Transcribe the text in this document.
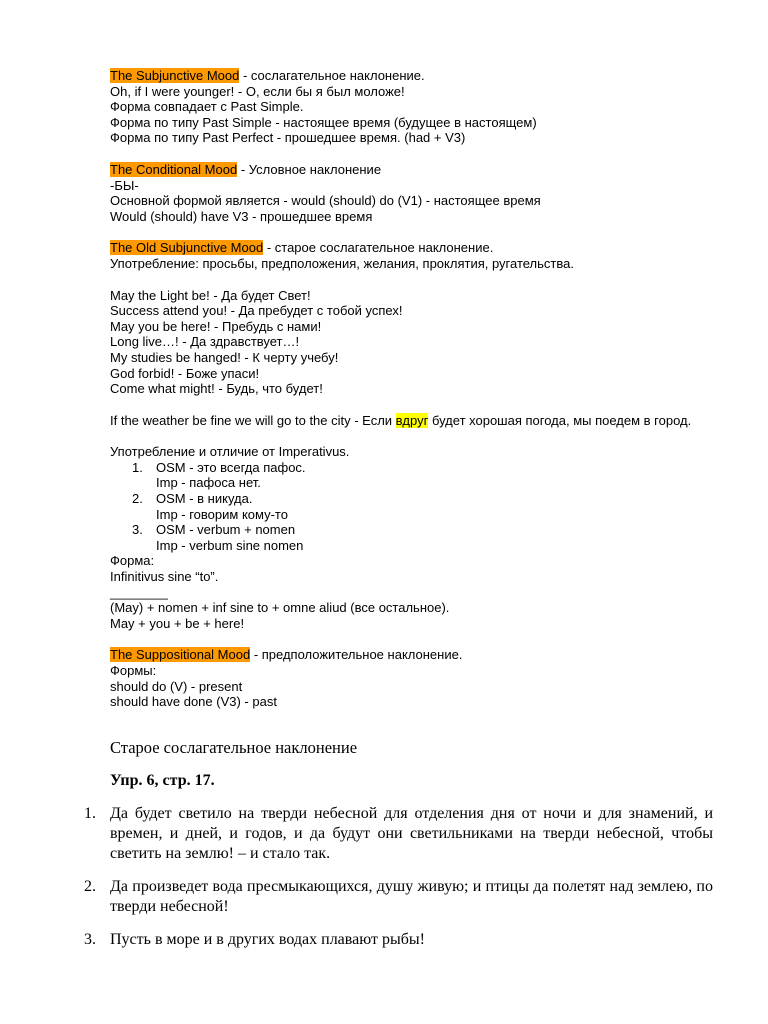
The Subjunctive Mood - сослагательное наклонение.

Oh, if I were younger! - О, если бы я был моложе!

Форма совпадает с Past Simple.

Форма по типу Past Simple - настоящее время (будущее в настоящем)

Форма по типу Past Perfect - прошедшее время. (had + V3)

The Conditional Mood - Условное наклонение

-БЫ-

Основной формой является - would (should) do (V1) - настоящее время

Would (should) have V3 - прошедшее время

The Old Subjunctive Mood - старое сослагательное наклонение.

Употребление: просьбы, предположения, желания, проклятия, ругательства.

May the Light be! - Да будет Свет!

Success attend you! - Да пребудет с тобой успех!

May you be here! - Пребудь с нами!

Long live…! - Да здравствует…!

My studies be hanged! - К черту учебу!

God forbid! - Боже упаси!

Come what might! - Будь, что будет!

If the weather be fine we will go to the city - Если вдруг будет хорошая погода, мы поедем в город.

Употребление и отличие от Imperativus.

1. OSM - это всегда пафос.
Imp - пафоса нет.
2. OSM - в никуда.
Imp - говорим кому-то
3. OSM - verbum + nomen
Imp - verbum sine nomen

Форма:

Infinitivus sine “to”.

________

(May) + nomen + inf sine to + omne aliud (все остальное).

May + you + be + here!

The Suppositional Mood - предположительное наклонение.

Формы:

should do (V) - present

should have done (V3) - past

Старое сослагательное наклонение

Упр. 6, стр. 17.

1. Да будет светило на тверди небесной для отделения дня от ночи и для знамений, и времен, и дней, и годов, и да будут они светильниками на тверди небесной, чтобы светить на землю! – и стало так.
2. Да произведет вода пресмыкающихся, душу живую; и птицы да полетят над землею, по тверди небесной!
3. Пусть в море и в других водах плавают рыбы!
